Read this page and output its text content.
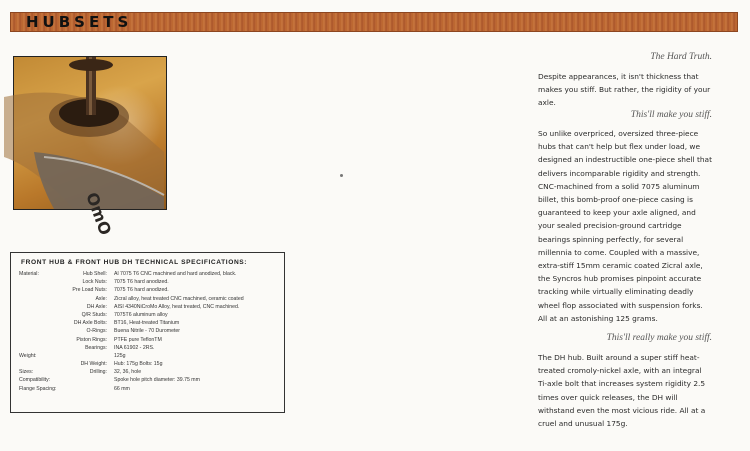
HUBSETS
OmO
FRONT HUB & FRONT HUB DH TECHNICAL SPECIFICATIONS:
Material:	Hub Shell: Al 7075 T6 CNC machined and hard anodized, black.
Lock Nuts: 7075 T6 hard anodized.
Pre Load Nuts: 7075 T6 hard anodized.
Axle: Zicral alloy, heat treated CNC machined, ceramic coated
DH Axle: AISI 4340NiCroMo Alloy, heat treated, CNC machined.
Q/R Studs: 7075T6 aluminum alloy
DH Axle Bolts: BT16, Heat-treated Titanium
O-Rings: Buena Nitrile - 70 Durometer
Piston Rings: PTFE pure TeflonTM
Bearings: INA 61902 - 2RS.
Weight:	125g
DH Weight: Hub: 175g Bolts: 15g
Sizes:	Drilling: 32, 36, hole
Compatibility:	Spoke hole pitch diameter: 39.75 mm
Flange Spacing:	66 mm
The Hard Truth.

Despite appearances, it isn't thickness that makes you stiff. But rather, the rigidity of your axle.

This'll make you stiff.

So unlike overpriced, oversized three-piece hubs that can't help but flex under load, we designed an indestructible one-piece shell that delivers incomparable rigidity and strength. CNC-machined from a solid 7075 aluminum billet, this bomb-proof one-piece casing is guaranteed to keep your axle aligned, and your sealed precision-ground cartridge bearings spinning perfectly, for several millennia to come. Coupled with a massive, extra-stiff 15mm ceramic coated Zicral axle, the Syncros hub promises pinpoint accurate tracking while virtually eliminating deadly wheel flop associated with suspension forks. All at an astonishing 125 grams.

This'll really make you stiff.

The DH hub. Built around a super stiff heat-treated cromoly-nickel axle, with an integral Ti-axle bolt that increases system rigidity 2.5 times over quick releases, the DH will withstand even the most vicious ride. All at a cruel and unusual 175g.
